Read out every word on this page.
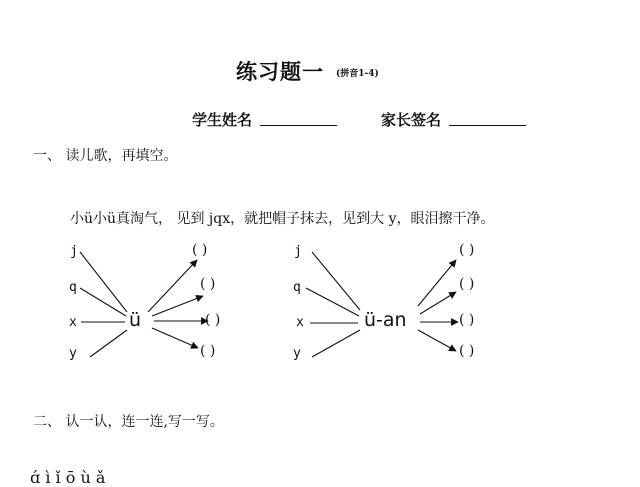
练习题一 (拼音1-4)
学生姓名	家长签名
一、 读儿歌，再填空。
小ü小ü真淘气， 见到 jqx，就把帽子抹去，见到大 y，眼泪擦干净。
j
q
x
y
ü
( )
( )
( )
( )
j
q
x
y
ü-an
( )
( )
( )
( )
二、 认一认，连一连,写一写。
ɑ́ ì ǐ ō ù ǎ
